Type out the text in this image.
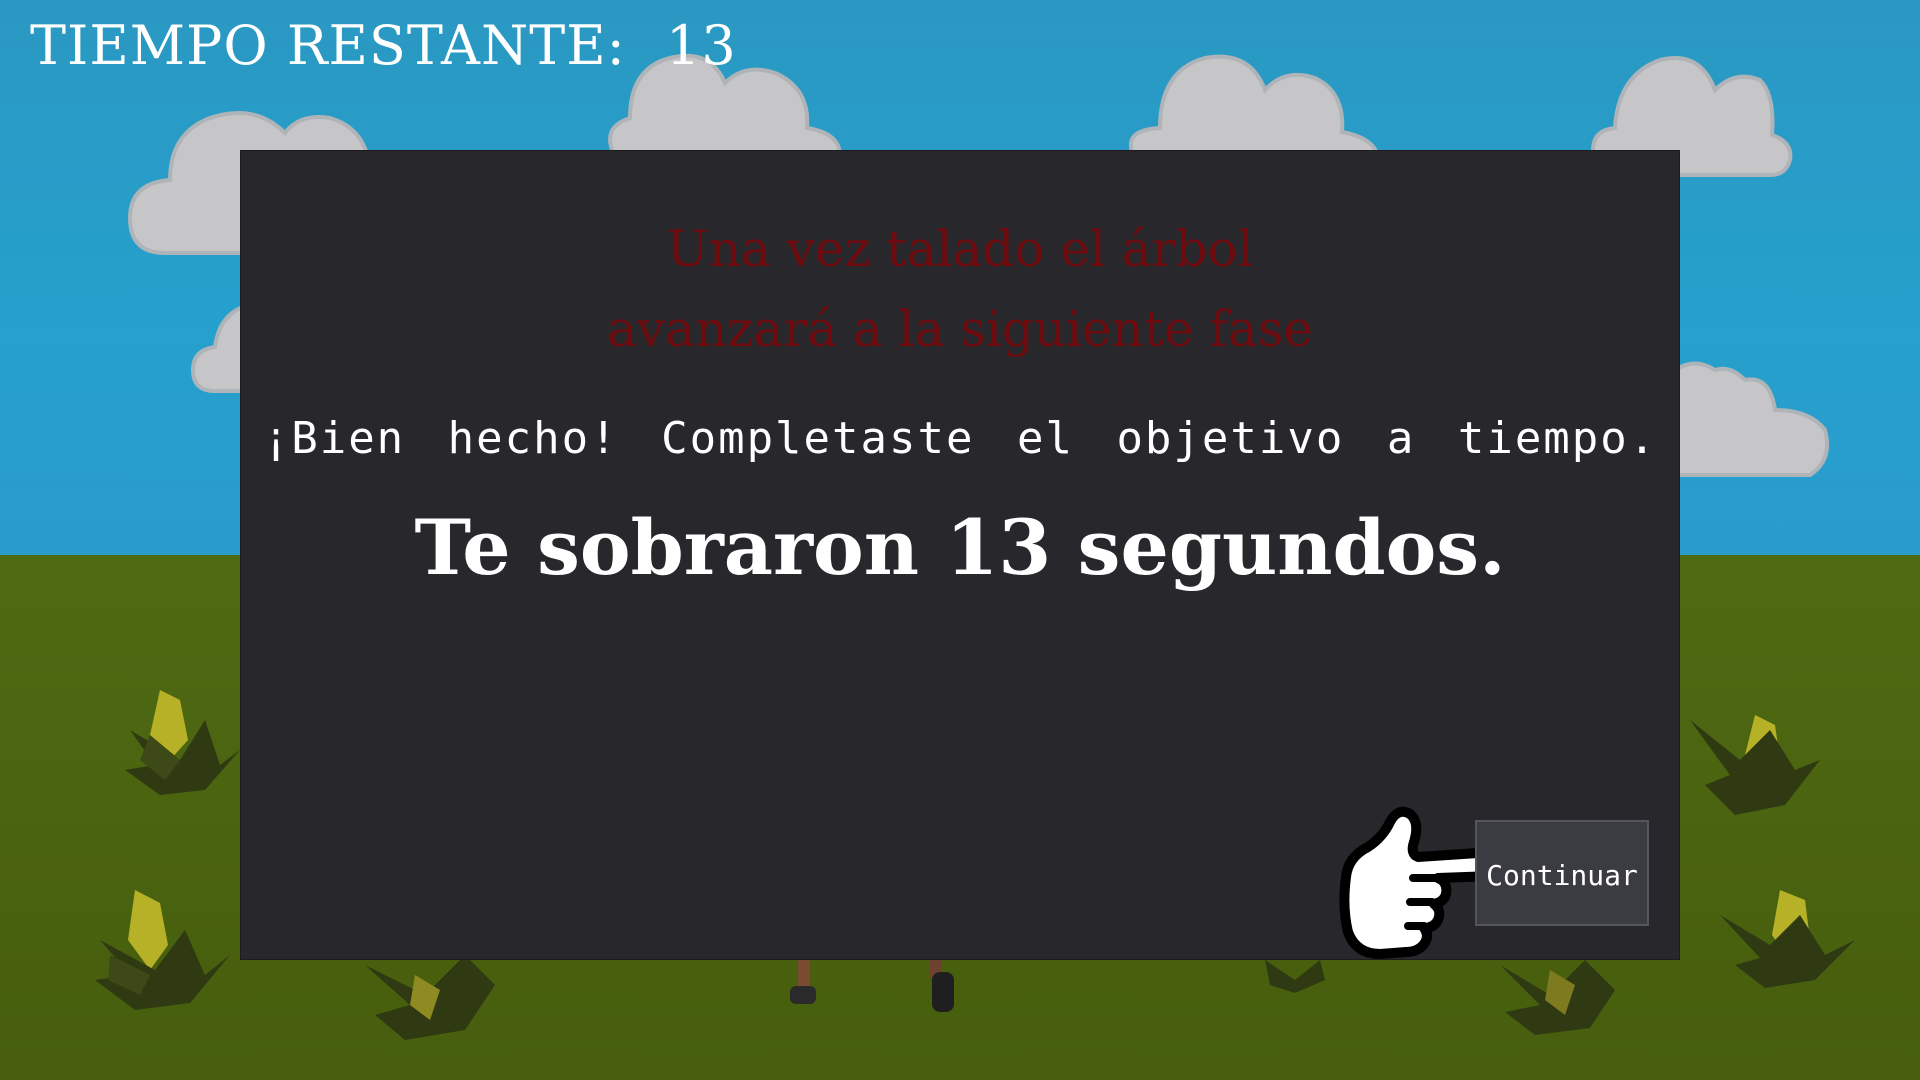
TIEMPO RESTANTE: 13
Una vez talado el árbol
avanzará a la siguiente fase
¡Bien hecho! Completaste el objetivo a tiempo.
Te sobraron 13 segundos.
Continuar
